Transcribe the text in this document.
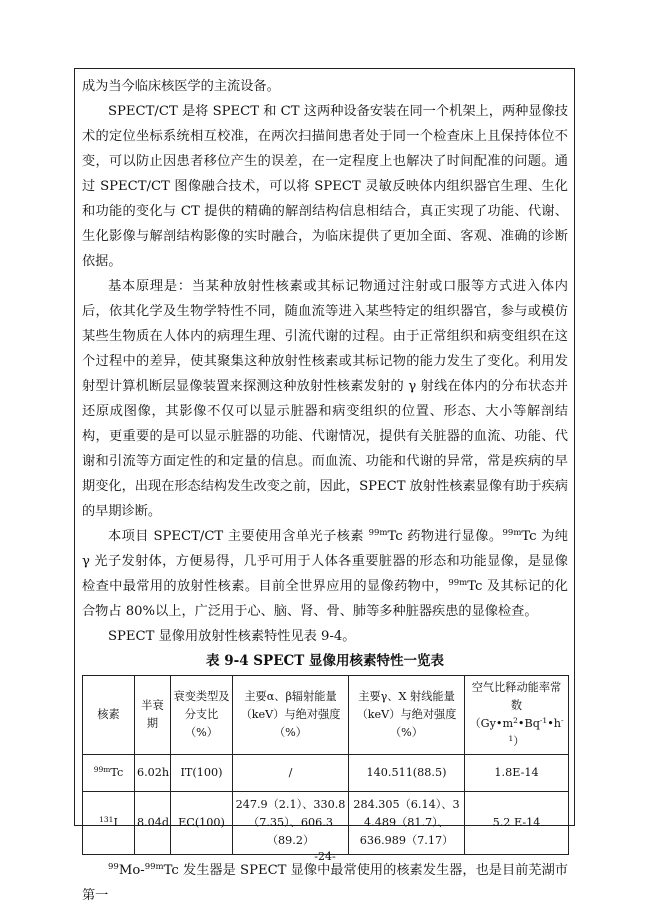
成为当今临床核医学的主流设备。

SPECT/CT 是将 SPECT 和 CT 这两种设备安装在同一个机架上，两种显像技术的定位坐标系统相互校准，在两次扫描间患者处于同一个检查床上且保持体位不变，可以防止因患者移位产生的误差，在一定程度上也解决了时间配准的问题。通过 SPECT/CT 图像融合技术，可以将 SPECT 灵敏反映体内组织器官生理、生化和功能的变化与 CT 提供的精确的解剖结构信息相结合，真正实现了功能、代谢、生化影像与解剖结构影像的实时融合，为临床提供了更加全面、客观、准确的诊断依据。

基本原理是：当某种放射性核素或其标记物通过注射或口服等方式进入体内后，依其化学及生物学特性不同，随血流等进入某些特定的组织器官，参与或模仿某些生物质在人体内的病理生理、引流代谢的过程。由于正常组织和病变组织在这个过程中的差异，使其聚集这种放射性核素或其标记物的能力发生了变化。利用发射型计算机断层显像装置来探测这种放射性核素发射的 γ 射线在体内的分布状态并还原成图像，其影像不仅可以显示脏器和病变组织的位置、形态、大小等解剖结构，更重要的是可以显示脏器的功能、代谢情况，提供有关脏器的血流、功能、代谢和引流等方面定性的和定量的信息。而血流、功能和代谢的异常，常是疾病的早期变化，出现在形态结构发生改变之前，因此，SPECT 放射性核素显像有助于疾病的早期诊断。

本项目 SPECT/CT 主要使用含单光子核素 $^{99m}$Tc 药物进行显像。$^{99m}$Tc 为纯 γ 光子发射体，方便易得，几乎可用于人体各重要脏器的形态和功能显像，是显像检查中最常用的放射性核素。目前全世界应用的显像药物中，$^{99m}$Tc 及其标记的化合物占 80%以上，广泛用于心、脑、肾、骨、肺等多种脏器疾患的显像检查。

SPECT 显像用放射性核素特性见表 9-4。

表 9-4 SPECT 显像用核素特性一览表
核素	半衰期	衰变类型及分支比（%）	主要α、β辐射能量（keV）与绝对强度（%）	主要γ、X 射线能量（keV）与绝对强度（%）	空气比释动能率常数
$(Gy•m^2•Bq^{-1}•h^{-1})$
$^{99m}$Tc	6.02h	IT(100)	/	140.511(88.5)	1.8E-14
$^{131}$I	8.04d	EC(100)	247.9（2.1）、330.8（7.35）、606.3（89.2）	284.305（6.14）、3 4.489（81.7）、636.989（7.17）	5.2 E-14

$^{99}$Mo-$^{99m}$Tc 发生器是 SPECT 显像中最常使用的核素发生器，也是目前芜湖市第一

-24-
